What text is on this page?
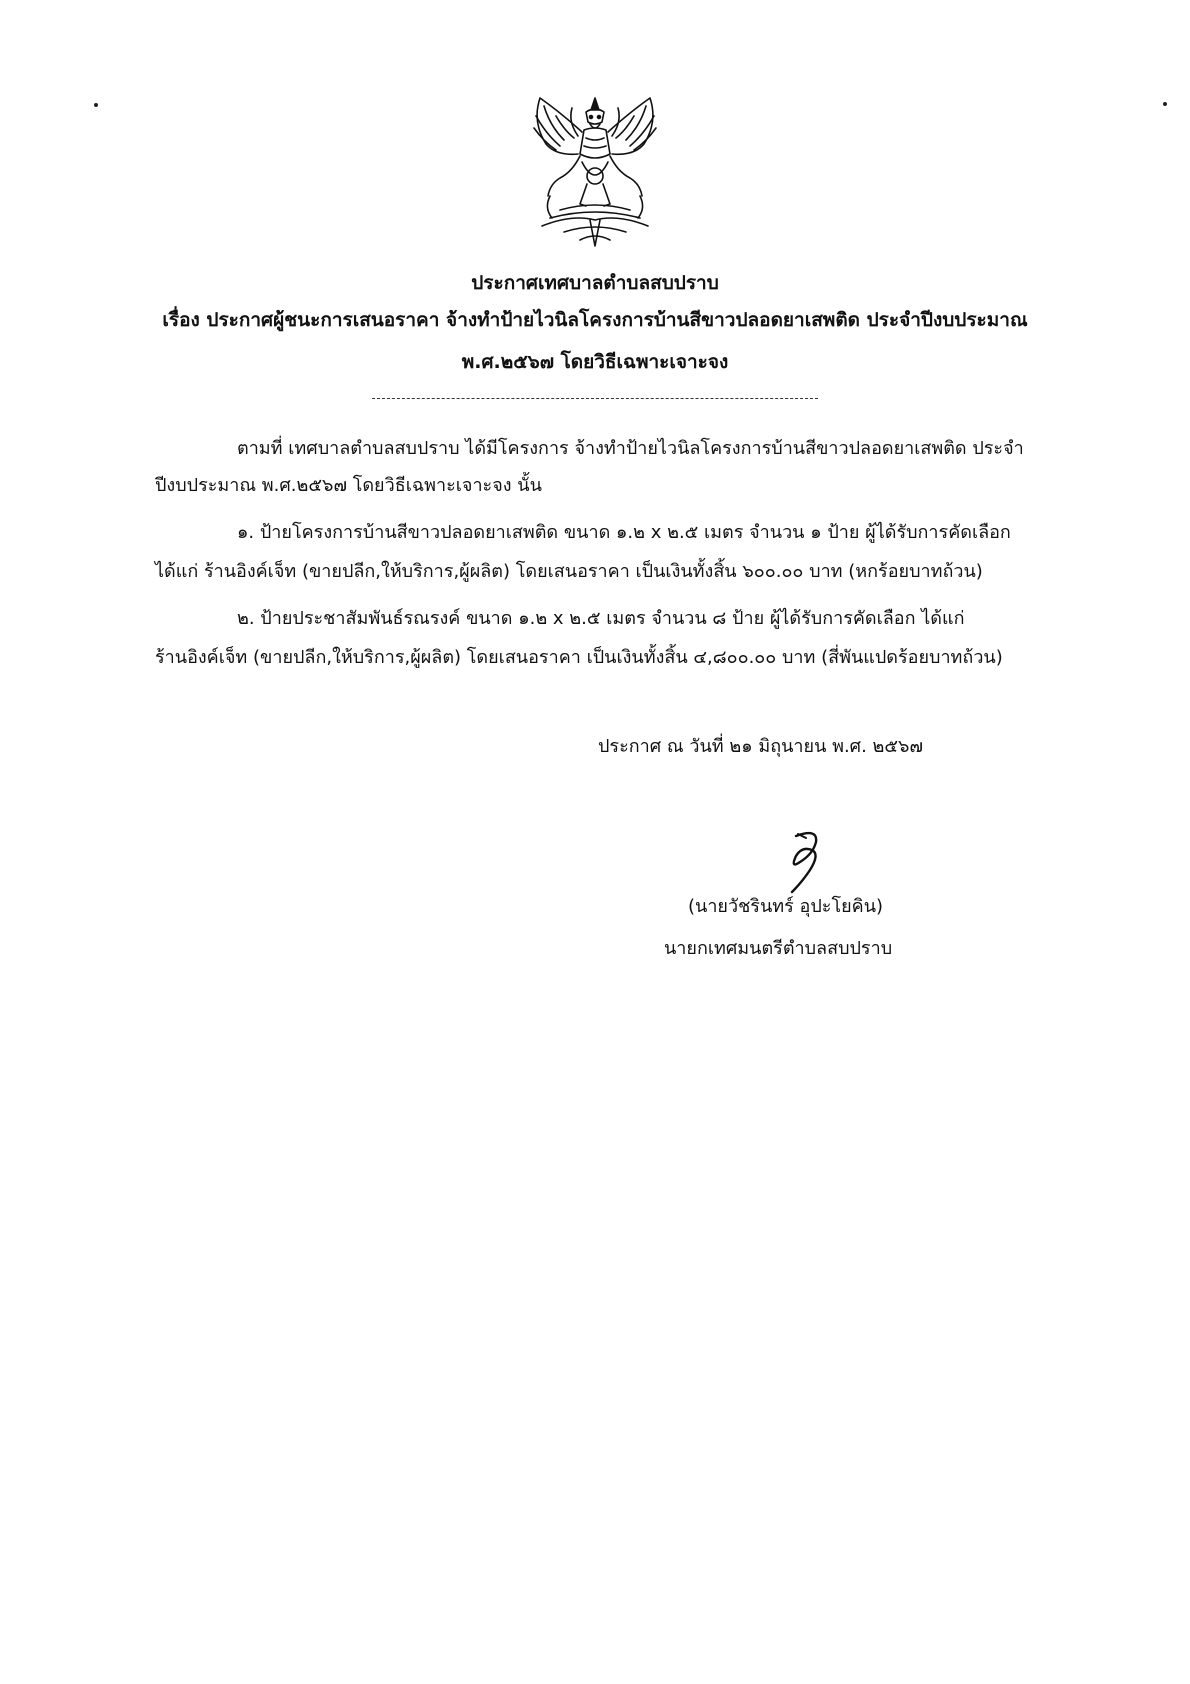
ประกาศเทศบาลตำบลสบปราบ
เรื่อง ประกาศผู้ชนะการเสนอราคา จ้างทำป้ายไวนิลโครงการบ้านสีขาวปลอดยาเสพติด ประจำปีงบประมาณ
พ.ศ.๒๕๖๗ โดยวิธีเฉพาะเจาะจง
ตามที่ เทศบาลตำบลสบปราบ ได้มีโครงการ จ้างทำป้ายไวนิลโครงการบ้านสีขาวปลอดยาเสพติด ประจำ
ปีงบประมาณ พ.ศ.๒๕๖๗ โดยวิธีเฉพาะเจาะจง นั้น
๑. ป้ายโครงการบ้านสีขาวปลอดยาเสพติด ขนาด ๑.๒ x ๒.๕ เมตร จำนวน ๑ ป้าย ผู้ได้รับการคัดเลือก
ได้แก่ ร้านอิงค์เจ็ท (ขายปลีก,ให้บริการ,ผู้ผลิต) โดยเสนอราคา เป็นเงินทั้งสิ้น ๖๐๐.๐๐ บาท (หกร้อยบาทถ้วน)
๒. ป้ายประชาสัมพันธ์รณรงค์ ขนาด ๑.๒ x ๒.๕ เมตร จำนวน ๘ ป้าย ผู้ได้รับการคัดเลือก ได้แก่
ร้านอิงค์เจ็ท (ขายปลีก,ให้บริการ,ผู้ผลิต) โดยเสนอราคา เป็นเงินทั้งสิ้น ๔,๘๐๐.๐๐ บาท (สี่พันแปดร้อยบาทถ้วน)
ประกาศ ณ วันที่ ๒๑ มิถุนายน พ.ศ. ๒๕๖๗
(นายวัชรินทร์ อุปะโยคิน)
นายกเทศมนตรีตำบลสบปราบ
